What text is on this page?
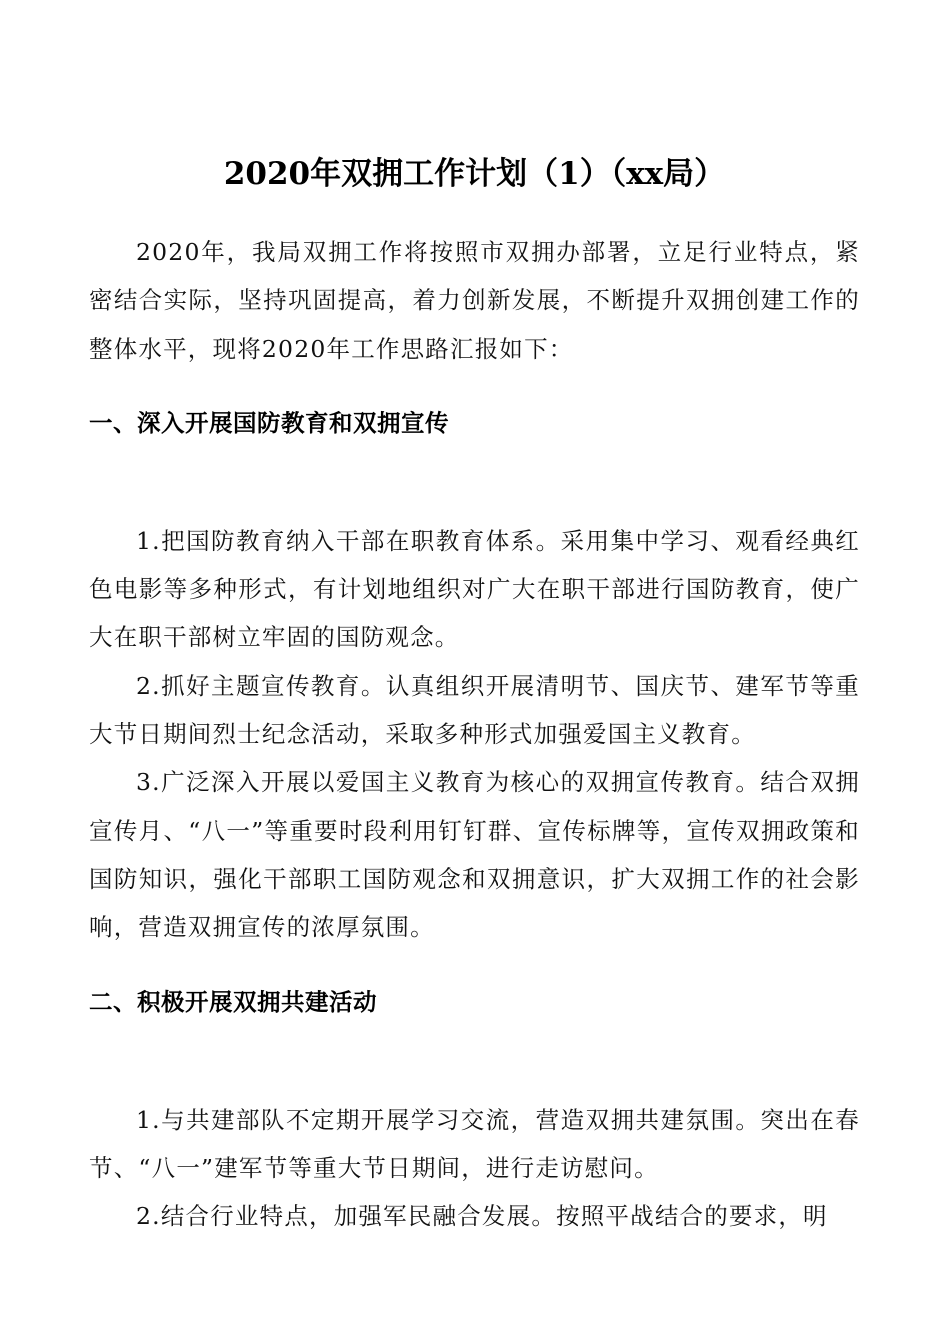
2020年双拥工作计划（1）（xx局）

2020年，我局双拥工作将按照市双拥办部署，立足行业特点，紧密结合实际，坚持巩固提高，着力创新发展，不断提升双拥创建工作的整体水平，现将2020年工作思路汇报如下：

一、深入开展国防教育和双拥宣传

1.把国防教育纳入干部在职教育体系。采用集中学习、观看经典红色电影等多种形式，有计划地组织对广大在职干部进行国防教育，使广大在职干部树立牢固的国防观念。

2.抓好主题宣传教育。认真组织开展清明节、国庆节、建军节等重大节日期间烈士纪念活动，采取多种形式加强爱国主义教育。

3.广泛深入开展以爱国主义教育为核心的双拥宣传教育。结合双拥宣传月、“八一”等重要时段利用钉钉群、宣传标牌等，宣传双拥政策和国防知识，强化干部职工国防观念和双拥意识，扩大双拥工作的社会影响，营造双拥宣传的浓厚氛围。

二、积极开展双拥共建活动

1.与共建部队不定期开展学习交流，营造双拥共建氛围。突出在春节、“八一”建军节等重大节日期间，进行走访慰问。

2.结合行业特点，加强军民融合发展。按照平战结合的要求，明
